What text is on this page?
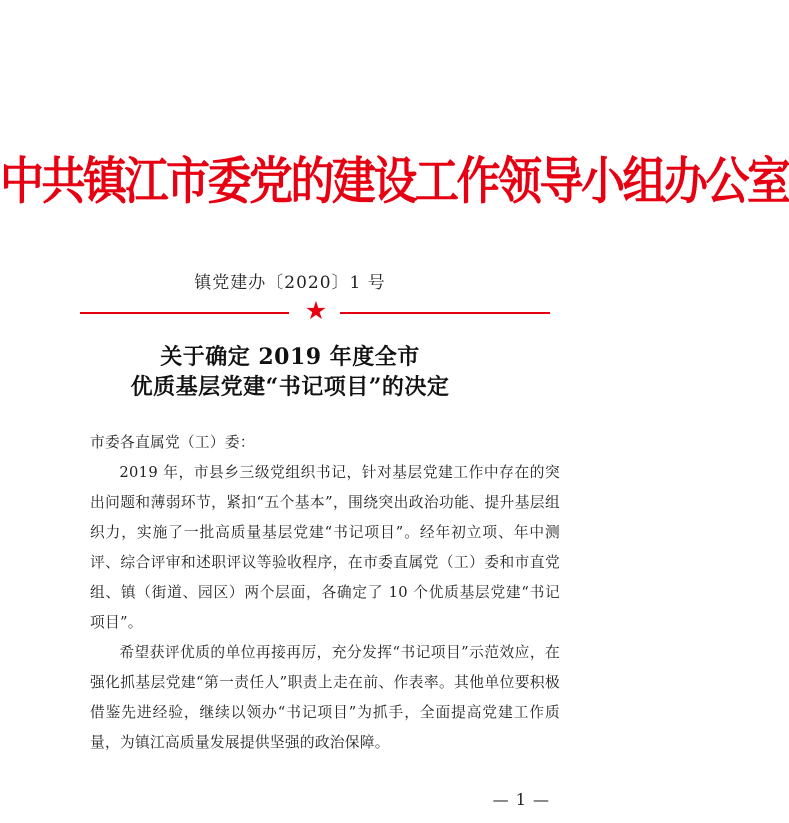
中共镇江市委党的建设工作领导小组办公室
镇党建办〔2020〕1 号
★
关于确定 2019 年度全市
优质基层党建“书记项目”的决定
市委各直属党（工）委：

2019 年，市县乡三级党组织书记，针对基层党建工作中存在的突出问题和薄弱环节，紧扣“五个基本”，围绕突出政治功能、提升基层组织力，实施了一批高质量基层党建“书记项目”。经年初立项、年中测评、综合评审和述职评议等验收程序，在市委直属党（工）委和市直党组、镇（街道、园区）两个层面，各确定了 10 个优质基层党建“书记项目”。

希望获评优质的单位再接再厉，充分发挥“书记项目”示范效应，在强化抓基层党建“第一责任人”职责上走在前、作表率。其他单位要积极借鉴先进经验，继续以领办“书记项目”为抓手，全面提高党建工作质量，为镇江高质量发展提供坚强的政治保障。

— 1 —
